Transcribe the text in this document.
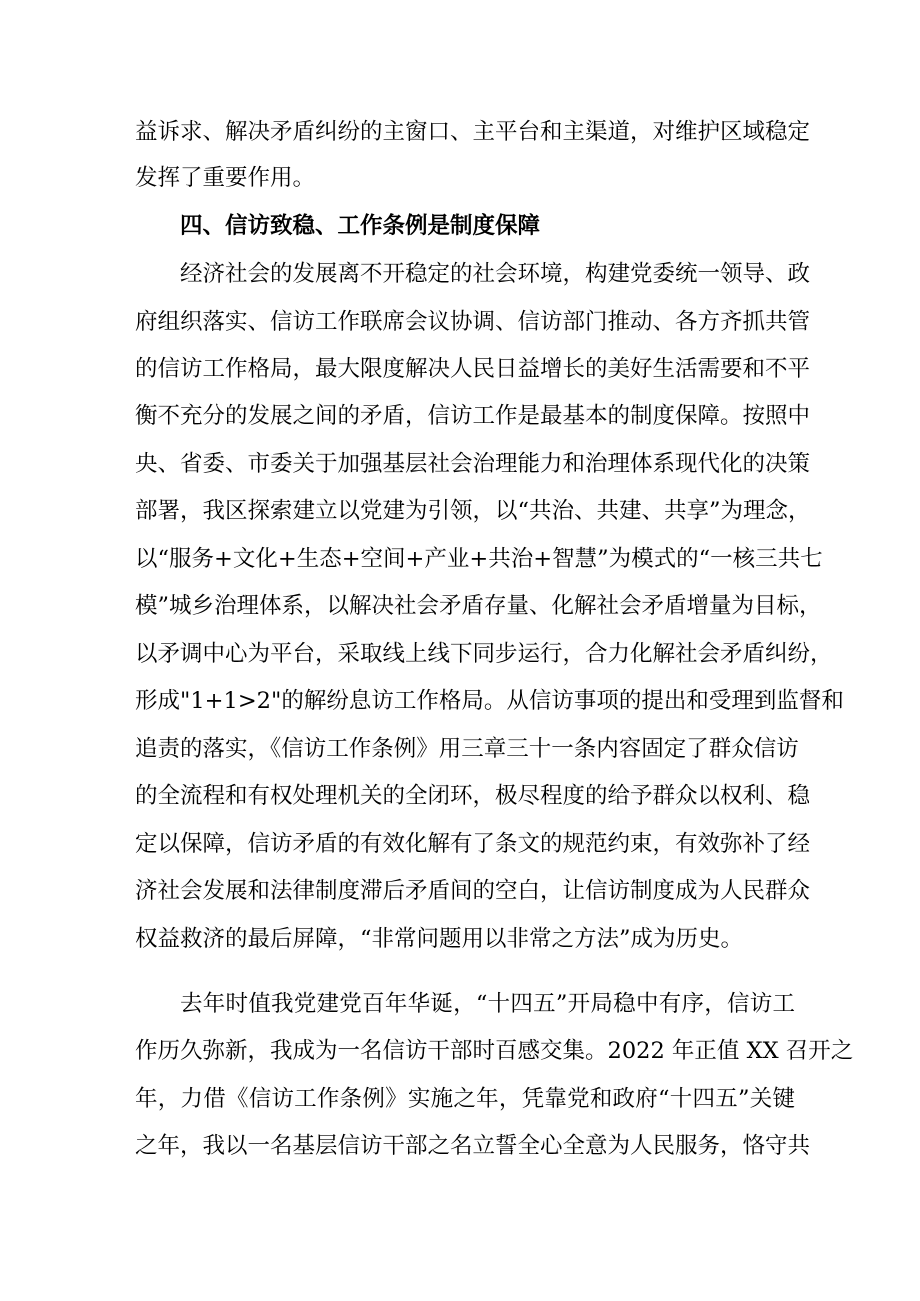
益诉求、解决矛盾纠纷的主窗口、主平台和主渠道，对维护区域稳定
发挥了重要作用。
四、信访致稳、工作条例是制度保障
经济社会的发展离不开稳定的社会环境，构建党委统一领导、政
府组织落实、信访工作联席会议协调、信访部门推动、各方齐抓共管
的信访工作格局，最大限度解决人民日益增长的美好生活需要和不平
衡不充分的发展之间的矛盾，信访工作是最基本的制度保障。按照中
央、省委、市委关于加强基层社会治理能力和治理体系现代化的决策
部署，我区探索建立以党建为引领，以“共治、共建、共享”为理念，
以“服务+文化+生态+空间+产业+共治+智慧”为模式的“一核三共七
模”城乡治理体系，以解决社会矛盾存量、化解社会矛盾增量为目标，
以矛调中心为平台，采取线上线下同步运行，合力化解社会矛盾纠纷，
形成"1+1>2"的解纷息访工作格局。从信访事项的提出和受理到监督和
追责的落实，《信访工作条例》用三章三十一条内容固定了群众信访
的全流程和有权处理机关的全闭环，极尽程度的给予群众以权利、稳
定以保障，信访矛盾的有效化解有了条文的规范约束，有效弥补了经
济社会发展和法律制度滞后矛盾间的空白，让信访制度成为人民群众
权益救济的最后屏障，“非常问题用以非常之方法”成为历史。
去年时值我党建党百年华诞，“十四五”开局稳中有序，信访工
作历久弥新，我成为一名信访干部时百感交集。2022 年正值 XX 召开之
年，力借《信访工作条例》实施之年，凭靠党和政府“十四五”关键
之年，我以一名基层信访干部之名立誓全心全意为人民服务，恪守共
